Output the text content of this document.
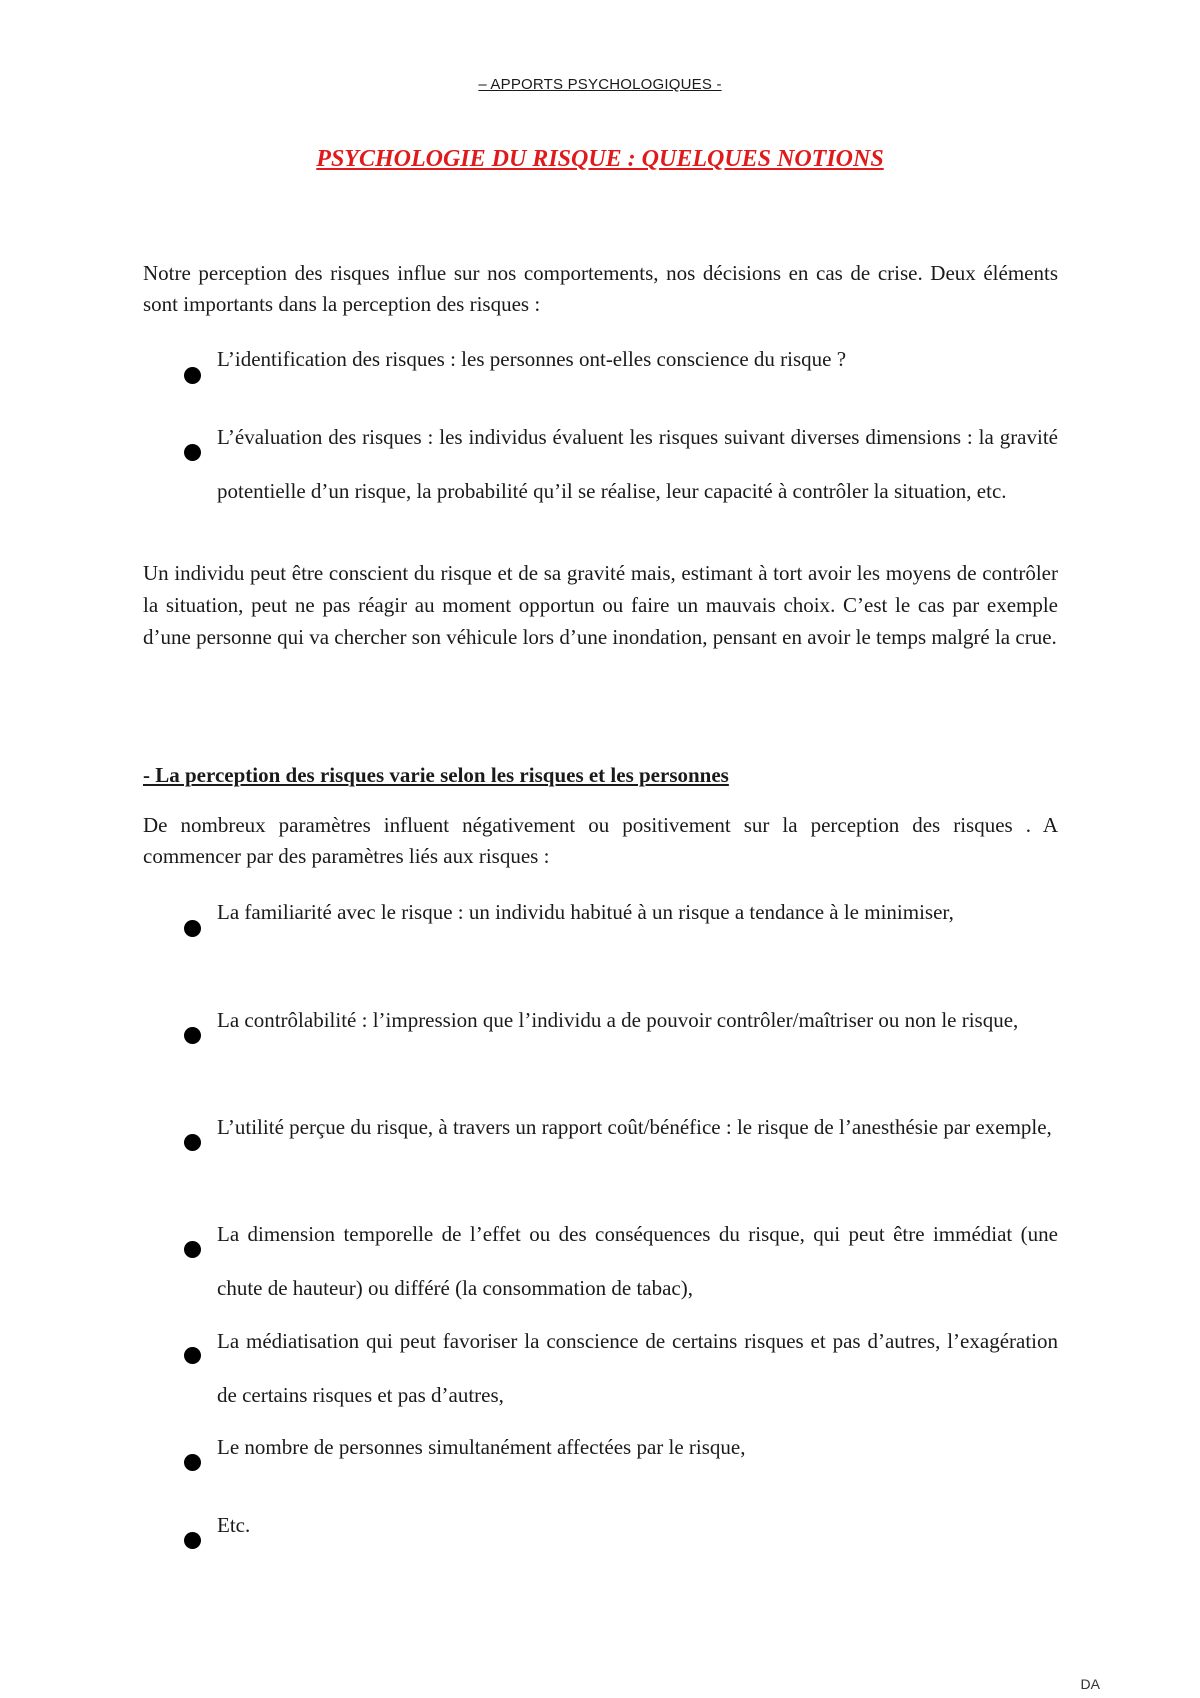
– APPORTS PSYCHOLOGIQUES -
PSYCHOLOGIE DU RISQUE : QUELQUES NOTIONS

Notre perception des risques influe sur nos comportements, nos décisions en cas de crise. Deux éléments sont importants dans la perception des risques :

L’identification des risques : les personnes ont-elles conscience du risque ?

L’évaluation des risques : les individus évaluent les risques suivant diverses dimensions : la gravité potentielle d’un risque, la probabilité qu’il se réalise, leur capacité à contrôler la situation, etc.

Un individu peut être conscient du risque et de sa gravité mais, estimant à tort avoir les moyens de contrôler la situation, peut ne pas réagir au moment opportun ou faire un mauvais choix. C’est le cas par exemple d’une personne qui va chercher son véhicule lors d’une inondation, pensant en avoir le temps malgré la crue.

- La perception des risques varie selon les risques et les personnes

De nombreux paramètres influent négativement ou positivement sur la perception des risques . A commencer par des paramètres liés aux risques :

La familiarité avec le risque : un individu habitué à un risque a tendance à le minimiser,

La contrôlabilité : l’impression que l’individu a de pouvoir contrôler/maîtriser ou non le risque,

L’utilité perçue du risque, à travers un rapport coût/bénéfice : le risque de l’anesthésie par exemple,

La dimension temporelle de l’effet ou des conséquences du risque, qui peut être immédiat (une chute de hauteur) ou différé (la consommation de tabac),

La médiatisation qui peut favoriser la conscience de certains risques et pas d’autres, l’exagération de certains risques et pas d’autres,

Le nombre de personnes simultanément affectées par le risque,

Etc.

DA
